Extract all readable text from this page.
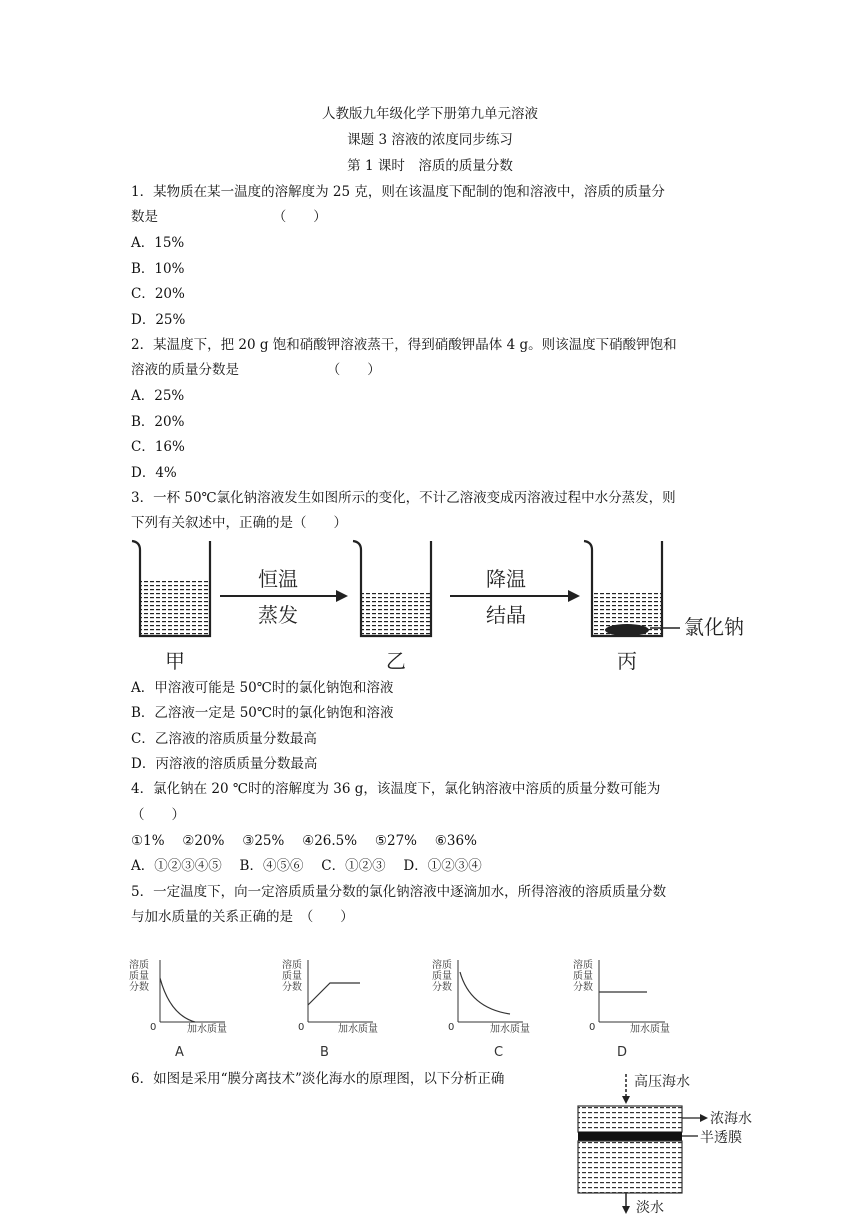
人教版九年级化学下册第九单元溶液
课题 3 溶液的浓度同步练习
第 1 课时　溶质的质量分数
1．某物质在某一温度的溶解度为 25 克，则在该温度下配制的饱和溶液中，溶质的质量分
数是　　　　　　　　　（　　）
A．15%
B．10%
C．20%
D．25%
2．某温度下，把 20 g 饱和硝酸钾溶液蒸干，得到硝酸钾晶体 4 g。则该温度下硝酸钾饱和
溶液的质量分数是　　　　　　　（　　）
A．25%
B．20%
C．16%
D．4%
3．一杯 50℃氯化钠溶液发生如图所示的变化，不计乙溶液变成丙溶液过程中水分蒸发，则
下列有关叙述中，正确的是（　　）
恒温
蒸发
降温
结晶	氯化钠
甲	乙	丙
A．甲溶液可能是 50℃时的氯化钠饱和溶液
B．乙溶液一定是 50℃时的氯化钠饱和溶液
C．乙溶液的溶质质量分数最高
D．丙溶液的溶质质量分数最高
4．氯化钠在 20 ℃时的溶解度为 36 g，该温度下，氯化钠溶液中溶质的质量分数可能为
（　　）
①1%　 ②20%　 ③25%　 ④26.5%　 ⑤27%　 ⑥36%
A．①②③④⑤　 B．④⑤⑥　 C．①②③　 D．①②③④
5．一定温度下，向一定溶质质量分数的氯化钠溶液中逐滴加水，所得溶液的溶质质量分数
与加水质量的关系正确的是　（　　）
溶质
质量
分数
0	加水质量
A
溶质
质量
分数
0	加水质量
B
溶质
质量
分数
0	加水质量
C
溶质
质量
分数
0	加水质量
D
6．如图是采用“膜分离技术”淡化海水的原理图，以下分析正确	高压海水
浓海水
半透膜
淡水
